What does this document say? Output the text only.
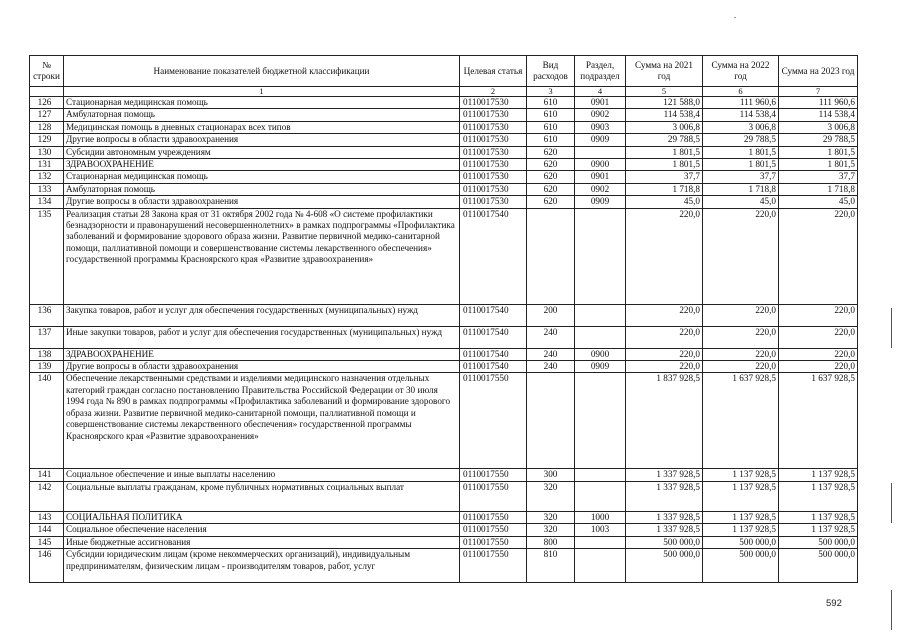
№ строки	Наименование показателей бюджетной классификации	Целевая статья	Вид расходов	Раздел, подраздел	Сумма на 2021 год	Сумма на 2022 год	Сумма на 2023 год
	1	2	3	4	5	6	7
126	Стационарная медицинская помощь	0110017530	610	0901	121 588,0	111 960,6	111 960,6
127	Амбулаторная помощь	0110017530	610	0902	114 538,4	114 538,4	114 538,4
128	Медицинская помощь в дневных стационарах всех типов	0110017530	610	0903	3 006,8	3 006,8	3 006,8
129	Другие вопросы в области здравоохранения	0110017530	610	0909	29 788,5	29 788,5	29 788,5
130	Субсидии автономным учреждениям	0110017530	620		1 801,5	1 801,5	1 801,5
131	ЗДРАВООХРАНЕНИЕ	0110017530	620	0900	1 801,5	1 801,5	1 801,5
132	Стационарная медицинская помощь	0110017530	620	0901	37,7	37,7	37,7
133	Амбулаторная помощь	0110017530	620	0902	1 718,8	1 718,8	1 718,8
134	Другие вопросы в области здравоохранения	0110017530	620	0909	45,0	45,0	45,0
135	Реализация статьи 28 Закона края от 31 октября 2002 года № 4-608 «О системе профилактики безнадзорности и правонарушений несовершеннолетних» в рамках подпрограммы «Профилактика заболеваний и формирование здорового образа жизни. Развитие первичной медико-санитарной помощи, паллиативной помощи и совершенствование системы лекарственного обеспечения» государственной программы Красноярского края «Развитие здравоохранения»	0110017540			220,0	220,0	220,0
136	Закупка товаров, работ и услуг для обеспечения государственных (муниципальных) нужд	0110017540	200		220,0	220,0	220,0
137	Иные закупки товаров, работ и услуг для обеспечения государственных (муниципальных) нужд	0110017540	240		220,0	220,0	220,0
138	ЗДРАВООХРАНЕНИЕ	0110017540	240	0900	220,0	220,0	220,0
139	Другие вопросы в области здравоохранения	0110017540	240	0909	220,0	220,0	220,0
140	Обеспечение лекарственными средствами и изделиями медицинского назначения отдельных категорий граждан согласно постановлению Правительства Российской Федерации от 30 июля 1994 года № 890 в рамках подпрограммы «Профилактика заболеваний и формирование здорового образа жизни. Развитие первичной медико-санитарной помощи, паллиативной помощи и совершенствование системы лекарственного обеспечения» государственной программы Красноярского края «Развитие здравоохранения»	0110017550			1 837 928,5	1 637 928,5	1 637 928,5
141	Социальное обеспечение и иные выплаты населению	0110017550	300		1 337 928,5	1 137 928,5	1 137 928,5
142	Социальные выплаты гражданам, кроме публичных нормативных социальных выплат	0110017550	320		1 337 928,5	1 137 928,5	1 137 928,5
143	СОЦИАЛЬНАЯ ПОЛИТИКА	0110017550	320	1000	1 337 928,5	1 137 928,5	1 137 928,5
144	Социальное обеспечение населения	0110017550	320	1003	1 337 928,5	1 137 928,5	1 137 928,5
145	Иные бюджетные ассигнования	0110017550	800		500 000,0	500 000,0	500 000,0
146	Субсидии юридическим лицам (кроме некоммерческих организаций), индивидуальным предпринимателям, физическим лицам - производителям товаров, работ, услуг	0110017550	810		500 000,0	500 000,0	500 000,0
592
